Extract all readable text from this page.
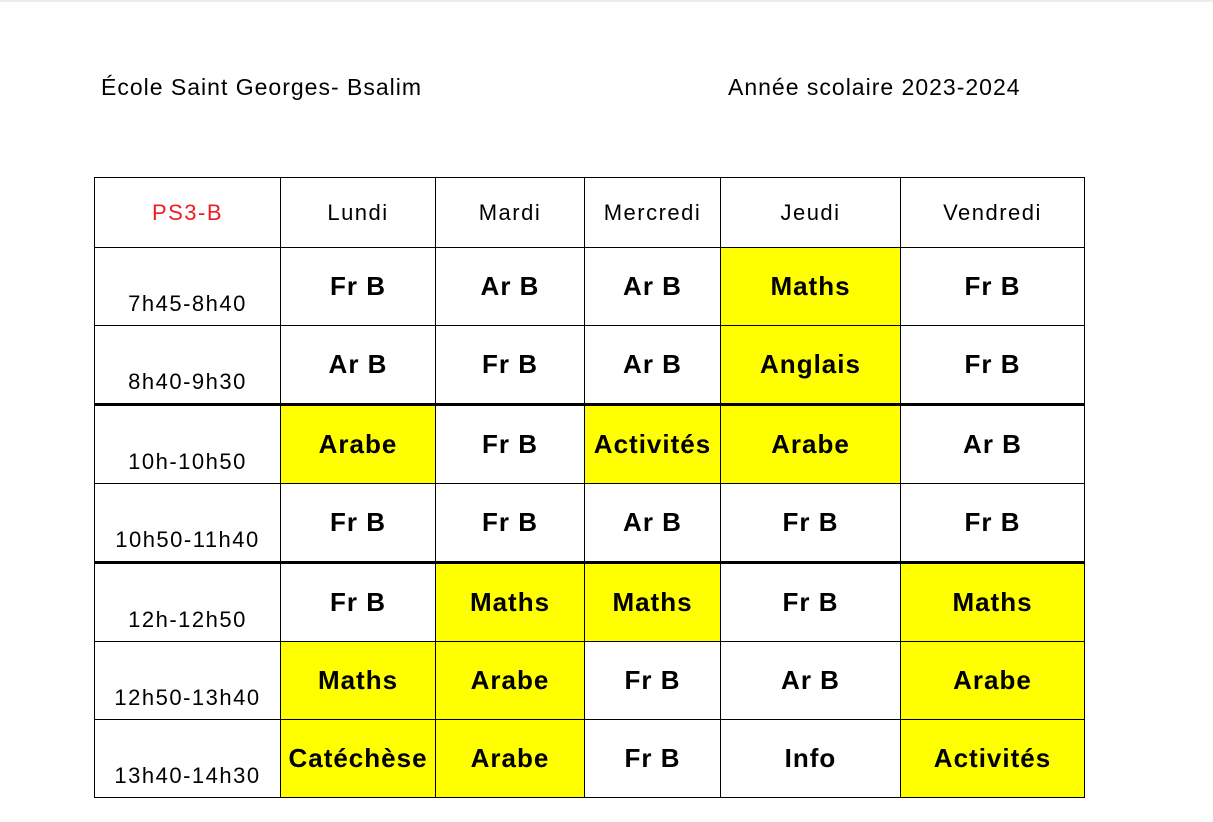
École Saint Georges- Bsalim	Année scolaire 2023-2024
PS3-B	Lundi	Mardi	Mercredi	Jeudi	Vendredi
7h45-8h40	Fr B	Ar B	Ar B	Maths	Fr B
8h40-9h30	Ar B	Fr B	Ar B	Anglais	Fr B
10h-10h50	Arabe	Fr B	Activités	Arabe	Ar B
10h50-11h40	Fr B	Fr B	Ar B	Fr B	Fr B
12h-12h50	Fr B	Maths	Maths	Fr B	Maths
12h50-13h40	Maths	Arabe	Fr B	Ar B	Arabe
13h40-14h30	Catéchèse	Arabe	Fr B	Info	Activités
